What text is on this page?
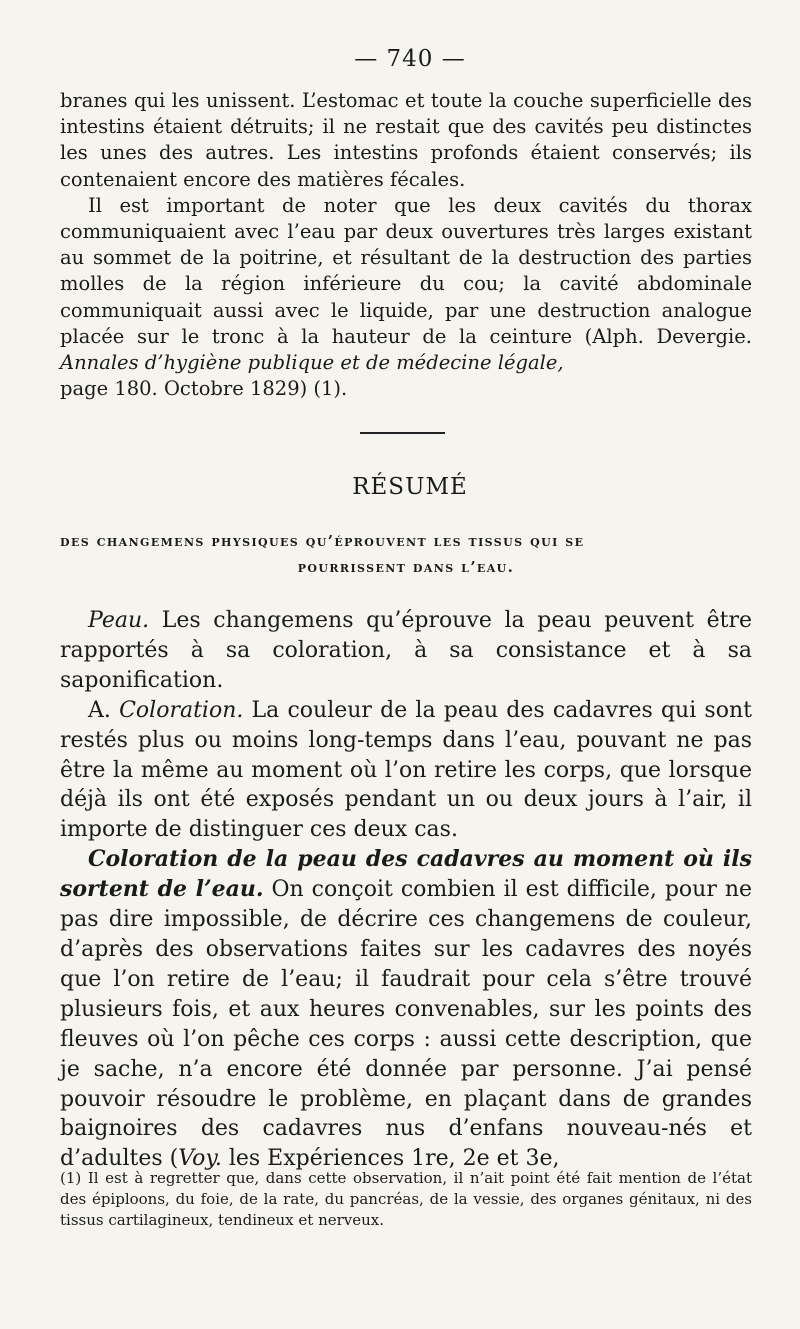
— 740 —

branes qui les unissent. L’estomac et toute la couche superficielle des intestins étaient détruits; il ne restait que des cavités peu distinctes les unes des autres. Les intestins profonds étaient conservés; ils contenaient encore des matières fécales.

Il est important de noter que les deux cavités du thorax communiquaient avec l’eau par deux ouvertures très larges existant au sommet de la poitrine, et résultant de la destruction des parties molles de la région inférieure du cou; la cavité abdominale communiquait aussi avec le liquide, par une destruction analogue placée sur le tronc à la hauteur de la ceinture (Alph. Devergie. Annales d’hygiène publique et de médecine légale,
page 180. Octobre 1829) (1).

RÉSUMÉ
des changemens physiques qu’éprouvent les tissus qui se
pourrissent dans l’eau.

Peau. Les changemens qu’éprouve la peau peuvent être rapportés à sa coloration, à sa consistance et à sa saponification.

A. Coloration. La couleur de la peau des cadavres qui sont restés plus ou moins long-temps dans l’eau, pouvant ne pas être la même au moment où l’on retire les corps, que lorsque déjà ils ont été exposés pendant un ou deux jours à l’air, il importe de distinguer ces deux cas.

Coloration de la peau des cadavres au moment où ils sortent de l’eau. On conçoit combien il est difficile, pour ne pas dire impossible, de décrire ces changemens de couleur, d’après des observations faites sur les cadavres des noyés que l’on retire de l’eau; il faudrait pour cela s’être trouvé plusieurs fois, et aux heures convenables, sur les points des fleuves où l’on pêche ces corps : aussi cette description, que je sache, n’a encore été donnée par personne. J’ai pensé pouvoir résoudre le problème, en plaçant dans de grandes baignoires des cadavres nus d’enfans nouveau-nés et d’adultes (Voy. les Expériences 1re, 2e et 3e,

(1) Il est à regretter que, dans cette observation, il n’ait point été fait mention de l’état des épiploons, du foie, de la rate, du pancréas, de la vessie, des organes génitaux, ni des tissus cartilagineux, tendineux et nerveux.
